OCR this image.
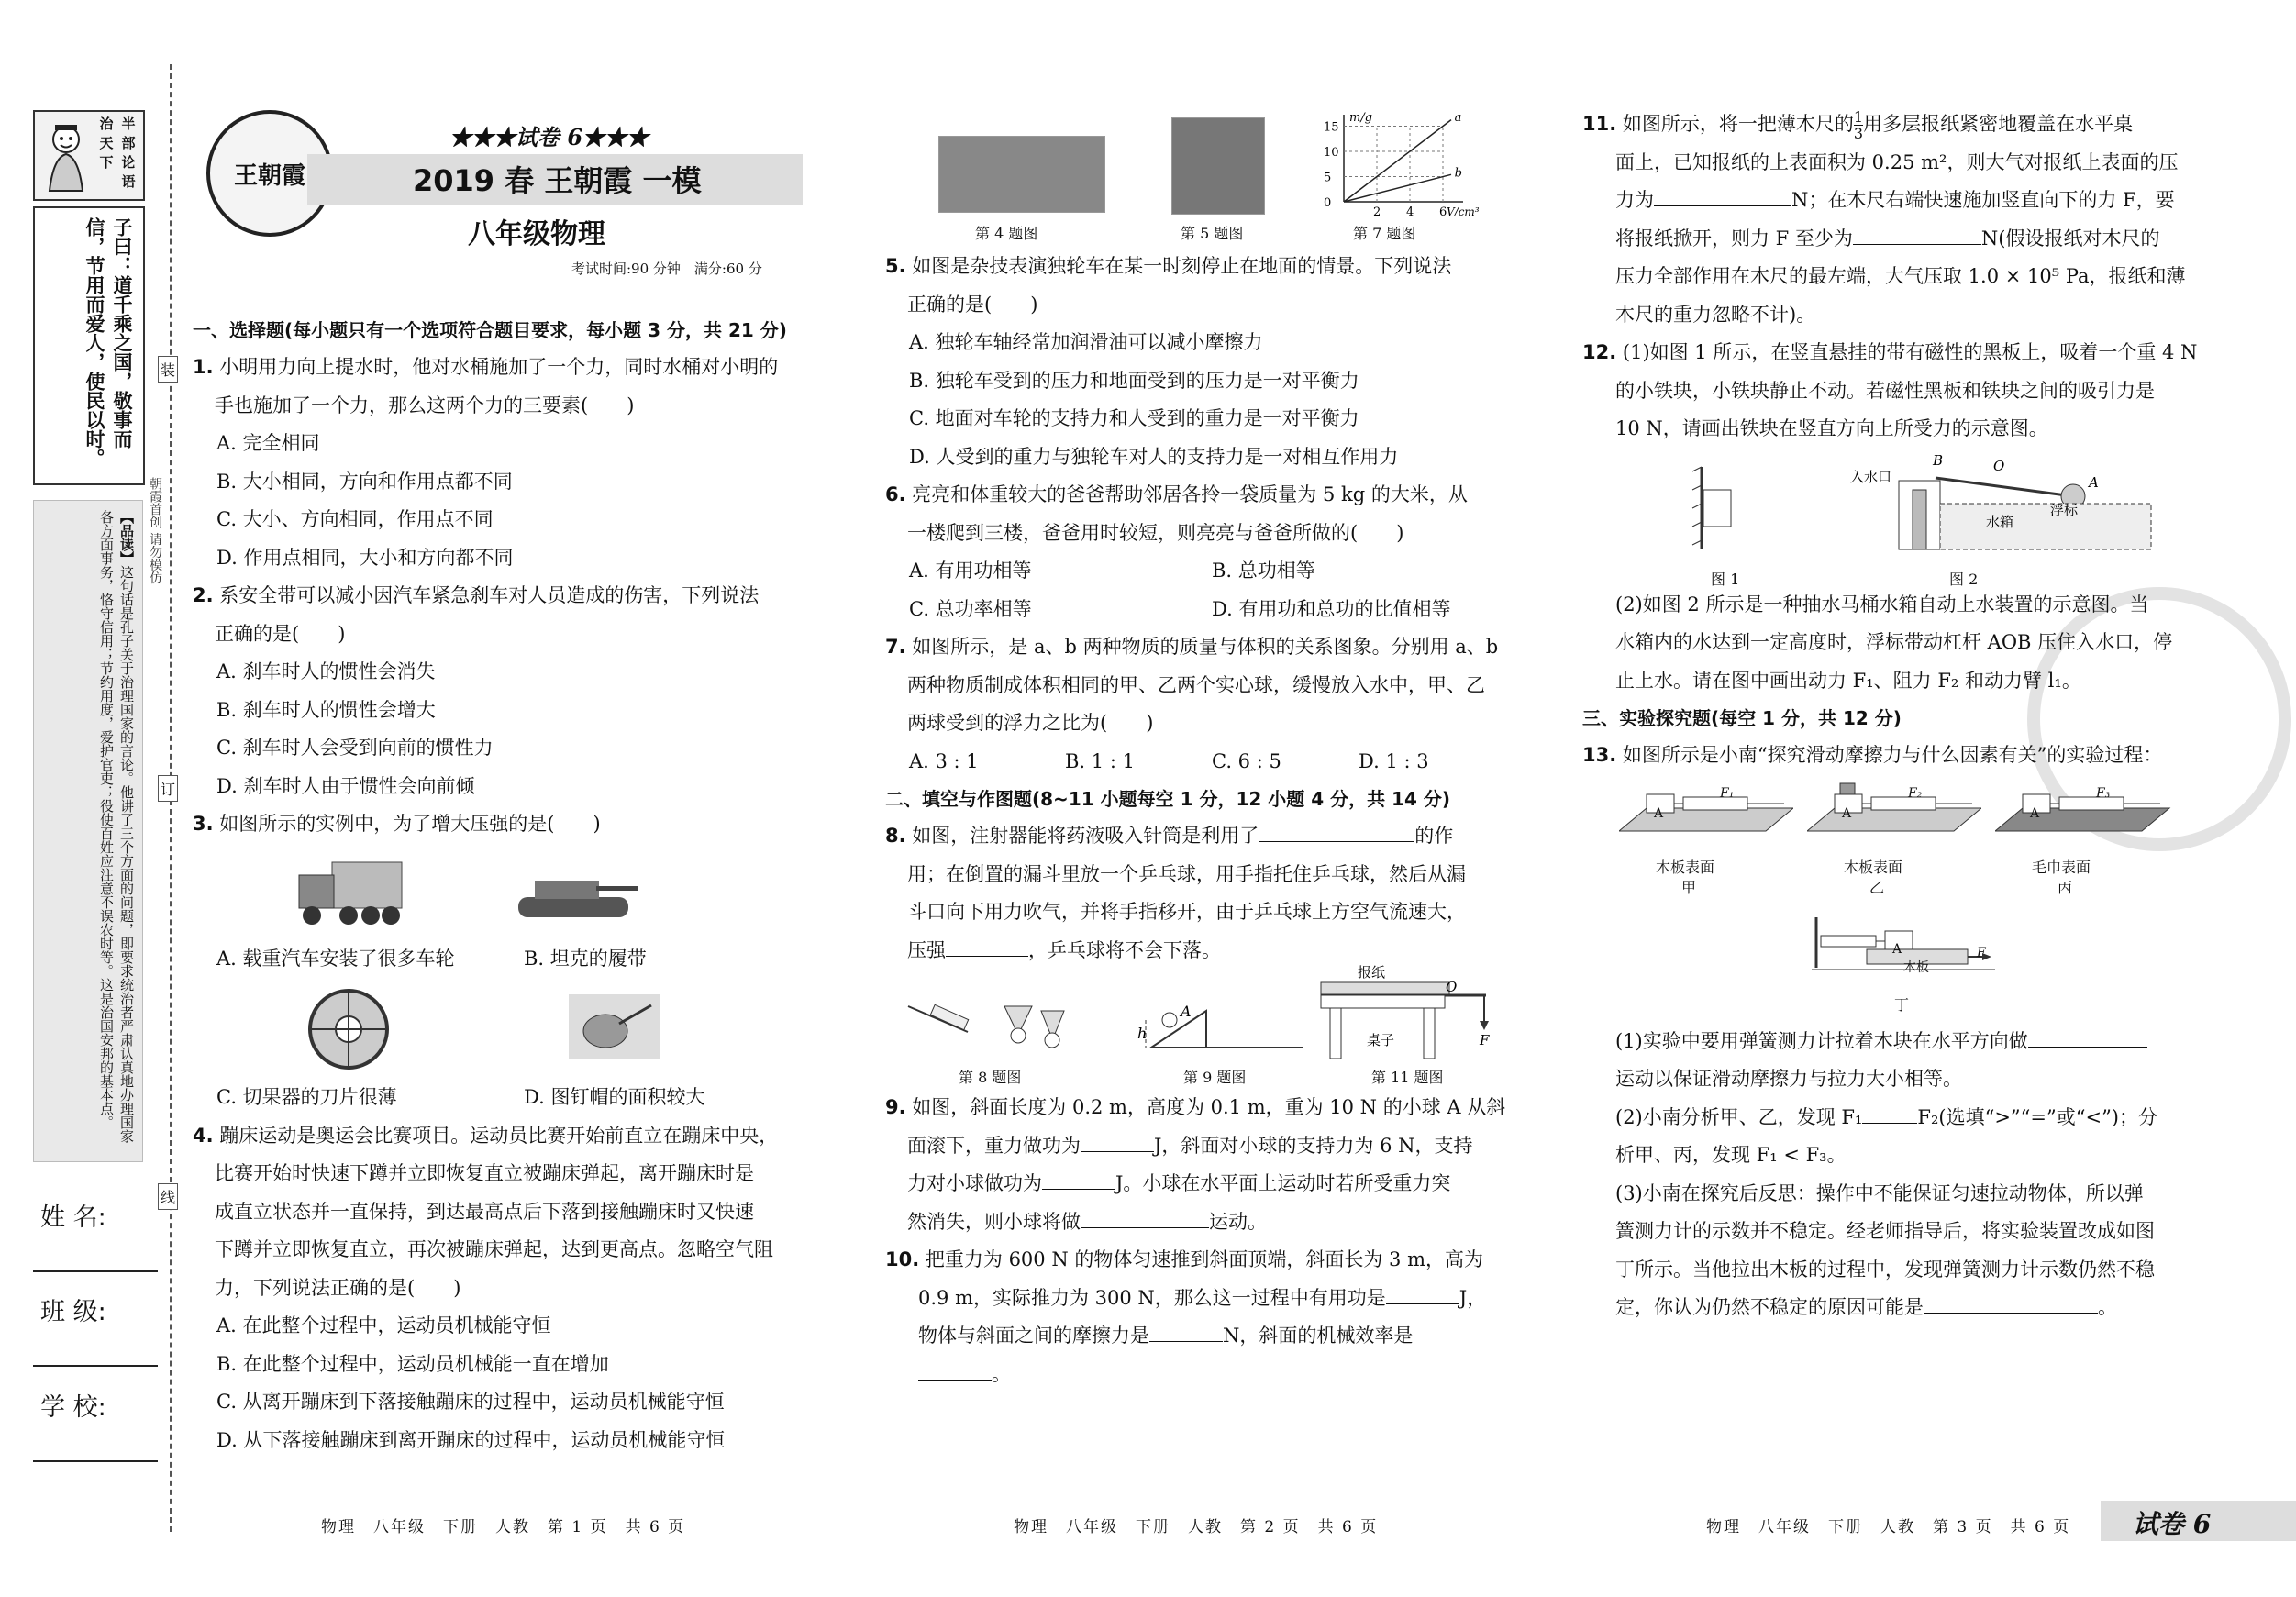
半
部
论
语
治
天
下
子曰：道千乘之国，敬事而信，节用而爱人，使民以时。
【品读】这句话是孔子关于治理国家的言论。他讲了三个方面的问题，即要求统治者严肃认真地办理国家各方面事务，恪守信用；节约用度，爱护官吏；役使百姓应注意不误农时等。这是治国安邦的基本点。	朝霞首创 请勿模仿
姓 名:
班 级:
学 校:
装
订
线
王朝霞
★★★试卷 6★★★
2019 春 王朝霞 一模
八年级物理
考试时间:90 分钟　满分:60 分
一、选择题(每小题只有一个选项符合题目要求，每小题 3 分，共 21 分)
1. 小明用力向上提水时，他对水桶施加了一个力，同时水桶对小明的
手也施加了一个力，那么这两个力的三要素(　　)
A. 完全相同
B. 大小相同，方向和作用点都不同
C. 大小、方向相同，作用点不同
D. 作用点相同，大小和方向都不同
2. 系安全带可以减小因汽车紧急刹车对人员造成的伤害，下列说法
正确的是(　　)
A. 刹车时人的惯性会消失
B. 刹车时人的惯性会增大
C. 刹车时人会受到向前的惯性力
D. 刹车时人由于惯性会向前倾
3. 如图所示的实例中，为了增大压强的是(　　)
A. 载重汽车安装了很多车轮	B. 坦克的履带
C. 切果器的刀片很薄	D. 图钉帽的面积较大
4. 蹦床运动是奥运会比赛项目。运动员比赛开始前直立在蹦床中央，
比赛开始时快速下蹲并立即恢复直立被蹦床弹起，离开蹦床时是
成直立状态并一直保持，到达最高点后下落到接触蹦床时又快速
下蹲并立即恢复直立，再次被蹦床弹起，达到更高点。忽略空气阻
力，下列说法正确的是(　　)
A. 在此整个过程中，运动员机械能守恒
B. 在此整个过程中，运动员机械能一直在增加
C. 从离开蹦床到下落接触蹦床的过程中，运动员机械能守恒
D. 从下落接触蹦床到离开蹦床的过程中，运动员机械能守恒
物理　八年级　下册　人教　第 1 页　共 6 页
第 4 题图	第 5 题图
15
10
5
0
2 4 6
a
b
m/g
V/cm³
第 7 题图
5. 如图是杂技表演独轮车在某一时刻停止在地面的情景。下列说法
正确的是(　　)
A. 独轮车轴经常加润滑油可以减小摩擦力
B. 独轮车受到的压力和地面受到的压力是一对平衡力
C. 地面对车轮的支持力和人受到的重力是一对平衡力
D. 人受到的重力与独轮车对人的支持力是一对相互作用力
6. 亮亮和体重较大的爸爸帮助邻居各拎一袋质量为 5 kg 的大米，从
一楼爬到三楼，爸爸用时较短，则亮亮与爸爸所做的(　　)
A. 有用功相等	B. 总功相等
C. 总功率相等	D. 有用功和总功的比值相等
7. 如图所示，是 a、b 两种物质的质量与体积的关系图象。分别用 a、b
两种物质制成体积相同的甲、乙两个实心球，缓慢放入水中，甲、乙
两球受到的浮力之比为(　　)
A. 3 : 1	B. 1 : 1	C. 6 : 5	D. 1 : 3
二、填空与作图题(8~11 小题每空 1 分，12 小题 4 分，共 14 分)
8. 如图，注射器能将药液吸入针筒是利用了	的作
用；在倒置的漏斗里放一个乒乓球，用手指托住乒乓球，然后从漏
斗口向下用力吹气，并将手指移开，由于乒乓球上方空气流速大，
压强	，乒乓球将不会下落。
第 8 题图
h
A
第 9 题图
报纸
桌子
O
F
第 11 题图
9. 如图，斜面长度为 0.2 m，高度为 0.1 m，重为 10 N 的小球 A 从斜
面滚下，重力做功为	J，斜面对小球的支持力为 6 N，支持
力对小球做功为	J。小球在水平面上运动时若所受重力突
然消失，则小球将做	运动。
10. 把重力为 600 N 的物体匀速推到斜面顶端，斜面长为 3 m，高为
0.9 m，实际推力为 300 N，那么这一过程中有用功是	J，
物体与斜面之间的摩擦力是	N，斜面的机械效率是
。
物理　八年级　下册　人教　第 2 页　共 6 页
11. 如图所示，将一把薄木尺的 $\frac{1}{3}$ 用多层报纸紧密地覆盖在水平桌
面上，已知报纸的上表面积为 0.25 m²，则大气对报纸上表面的压
力为	N；在木尺右端快速施加竖直向下的力 F，要
将报纸掀开，则力 F 至少为	N(假设报纸对木尺的
压力全部作用在木尺的最左端，大气压取 1.0 × 10⁵ Pa，报纸和薄
木尺的重力忽略不计)。
12. (1)如图 1 所示，在竖直悬挂的带有磁性的黑板上，吸着一个重 4 N
的小铁块，小铁块静止不动。若磁性黑板和铁块之间的吸引力是
10 N，请画出铁块在竖直方向上所受力的示意图。
图 1
入水口
B	O
A
水箱
浮标
图 2
(2)如图 2 所示是一种抽水马桶水箱自动上水装置的示意图。当
水箱内的水达到一定高度时，浮标带动杠杆 AOB 压住入水口，停
止上水。请在图中画出动力 F₁、阻力 F₂ 和动力臂 l₁。
三、实验探究题(每空 1 分，共 12 分)
13. 如图所示是小南“探究滑动摩擦力与什么因素有关”的实验过程：
A
F₁
木板表面
甲
A
F₂
木板表面
乙
A
F₃
毛巾表面
丙
A
木板
F
丁
(1)实验中要用弹簧测力计拉着木块在水平方向做
运动以保证滑动摩擦力与拉力大小相等。
(2)小南分析甲、乙，发现 F₁	F₂(选填“>”“=”或“<”)；分
析甲、丙，发现 F₁ < F₃。
(3)小南在探究后反思：操作中不能保证匀速拉动物体，所以弹
簧测力计的示数并不稳定。经老师指导后，将实验装置改成如图
丁所示。当他拉出木板的过程中，发现弹簧测力计示数仍然不稳
定，你认为仍然不稳定的原因可能是	。
物理　八年级　下册　人教　第 3 页　共 6 页 试卷 6
